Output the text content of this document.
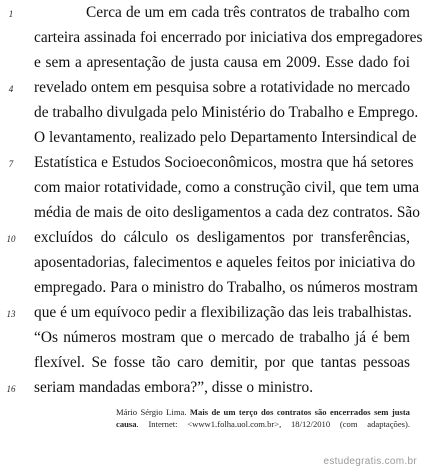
1
4
7
10
13
16
Cerca de um em cada três contratos de trabalho com
carteira assinada foi encerrado por iniciativa dos empregadores
e sem a apresentação de justa causa em 2009. Esse dado foi
revelado ontem em pesquisa sobre a rotatividade no mercado
de trabalho divulgada pelo Ministério do Trabalho e Emprego.
O levantamento, realizado pelo Departamento Intersindical de
Estatística e Estudos Socioeconômicos, mostra que há setores
com maior rotatividade, como a construção civil, que tem uma
média de mais de oito desligamentos a cada dez contratos. São
excluídos do cálculo os desligamentos por transferências,
aposentadorias, falecimentos e aqueles feitos por iniciativa do
empregado. Para o ministro do Trabalho, os números mostram
que é um equívoco pedir a flexibilização das leis trabalhistas.
“Os números mostram que o mercado de trabalho já é bem
flexível. Se fosse tão caro demitir, por que tantas pessoas
seriam mandadas embora?”, disse o ministro.
Mário Sérgio Lima. Mais de um terço dos contratos são encerrados sem justa
causa. Internet: <www1.folha.uol.com.br>, 18/12/2010 (com adaptações).
estudegratis.com.br
